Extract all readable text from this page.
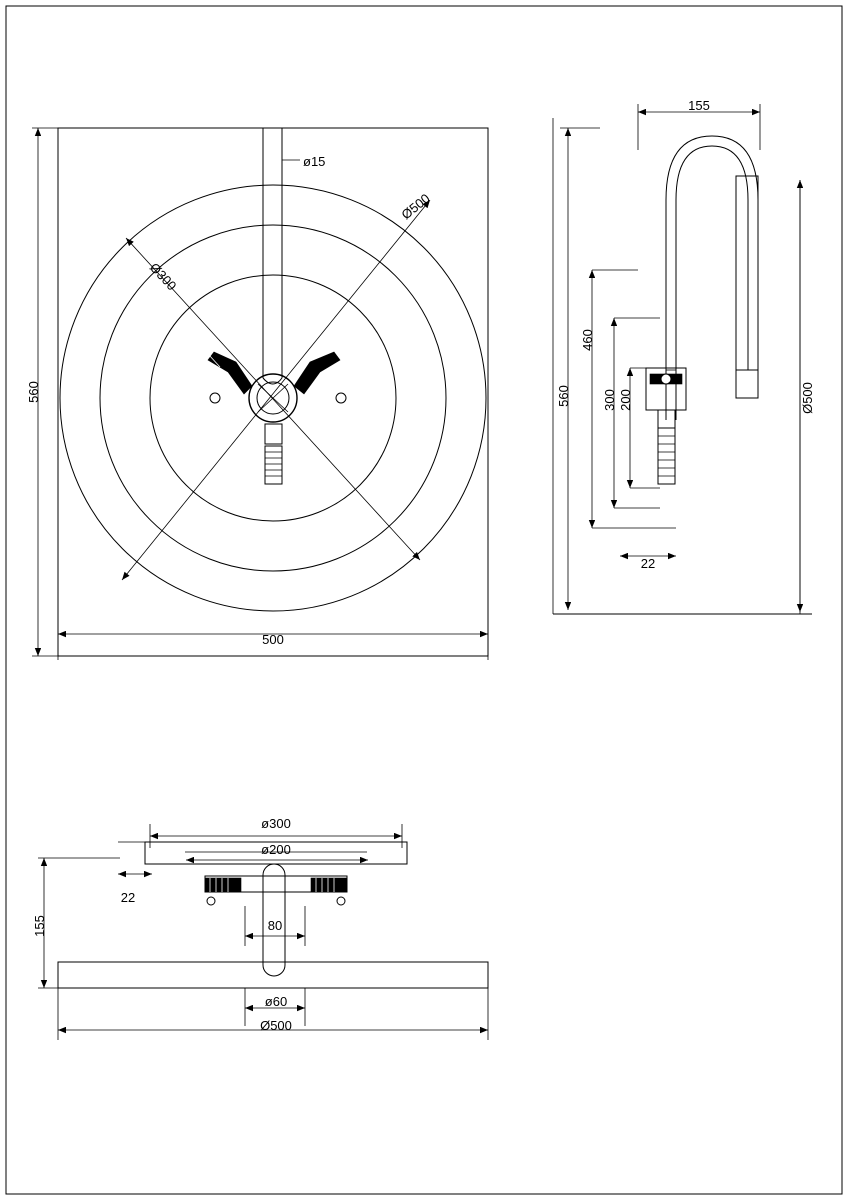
ø15
Ø500
Ø300
560
500
155
560
460
300 200
22
Ø500
ø300
ø200
22
155	80
ø60
Ø500
